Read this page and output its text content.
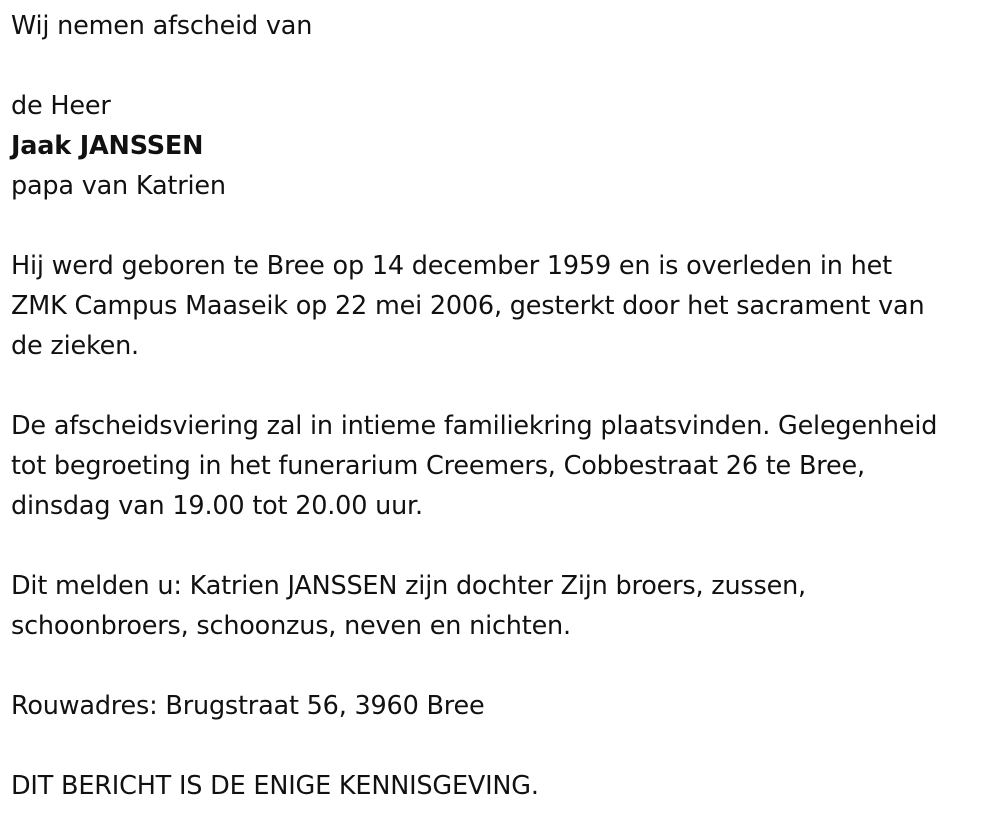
Wij nemen afscheid van
de Heer
Jaak JANSSEN
papa van Katrien
Hij werd geboren te Bree op 14 december 1959 en is overleden in het
ZMK Campus Maaseik op 22 mei 2006, gesterkt door het sacrament van
de zieken.
De afscheidsviering zal in intieme familiekring plaatsvinden. Gelegenheid
tot begroeting in het funerarium Creemers, Cobbestraat 26 te Bree,
dinsdag van 19.00 tot 20.00 uur.
Dit melden u: Katrien JANSSEN zijn dochter Zijn broers, zussen,
schoonbroers, schoonzus, neven en nichten.
Rouwadres: Brugstraat 56, 3960 Bree
DIT BERICHT IS DE ENIGE KENNISGEVING.
